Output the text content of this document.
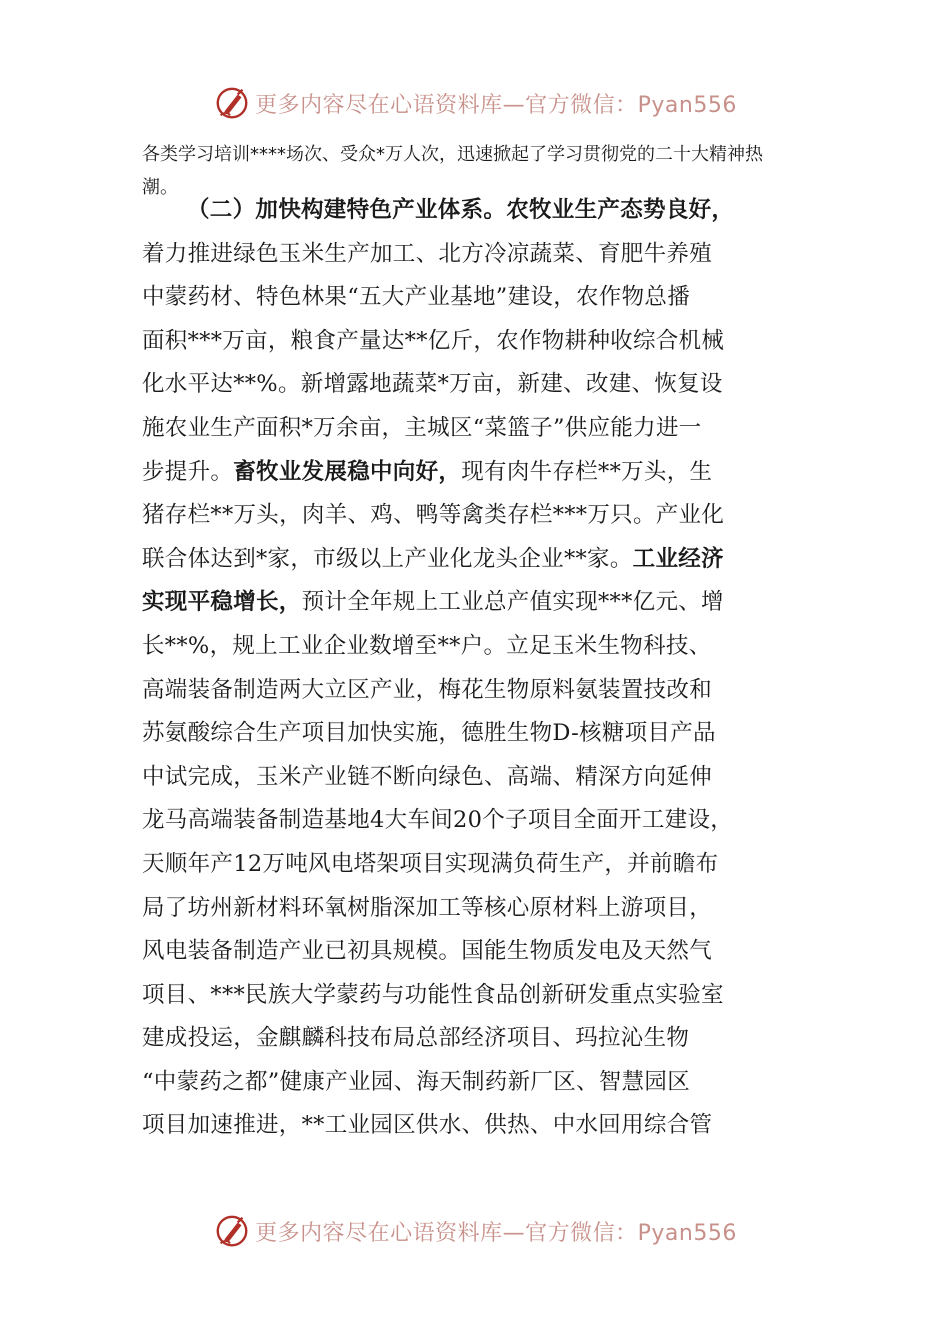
更多内容尽在心语资料库—官方微信：Pyan556
各类学习培训****场次、受众*万人次，迅速掀起了学习贯彻党的二十大精神热
潮。
（二）加快构建特色产业体系。农牧业生产态势良好，
着力推进绿色玉米生产加工、北方冷凉蔬菜、育肥牛养殖
中蒙药材、特色林果“五大产业基地”建设，农作物总播
面积***万亩，粮食产量达**亿斤，农作物耕种收综合机械
化水平达**%。新增露地蔬菜*万亩，新建、改建、恢复设
施农业生产面积*万余亩，主城区“菜篮子”供应能力进一
步提升。畜牧业发展稳中向好，现有肉牛存栏**万头，生
猪存栏**万头，肉羊、鸡、鸭等禽类存栏***万只。产业化
联合体达到*家，市级以上产业化龙头企业**家。工业经济
实现平稳增长，预计全年规上工业总产值实现***亿元、增
长**%，规上工业企业数增至**户。立足玉米生物科技、
高端装备制造两大立区产业，梅花生物原料氨装置技改和
苏氨酸综合生产项目加快实施，德胜生物D-核糖项目产品
中试完成，玉米产业链不断向绿色、高端、精深方向延伸
龙马高端装备制造基地4大车间20个子项目全面开工建设，
天顺年产12万吨风电塔架项目实现满负荷生产，并前瞻布
局了坊州新材料环氧树脂深加工等核心原材料上游项目，
风电装备制造产业已初具规模。国能生物质发电及天然气
项目、***民族大学蒙药与功能性食品创新研发重点实验室
建成投运，金麒麟科技布局总部经济项目、玛拉沁生物
“中蒙药之都”健康产业园、海天制药新厂区、智慧园区
项目加速推进，**工业园区供水、供热、中水回用综合管
更多内容尽在心语资料库—官方微信：Pyan556
